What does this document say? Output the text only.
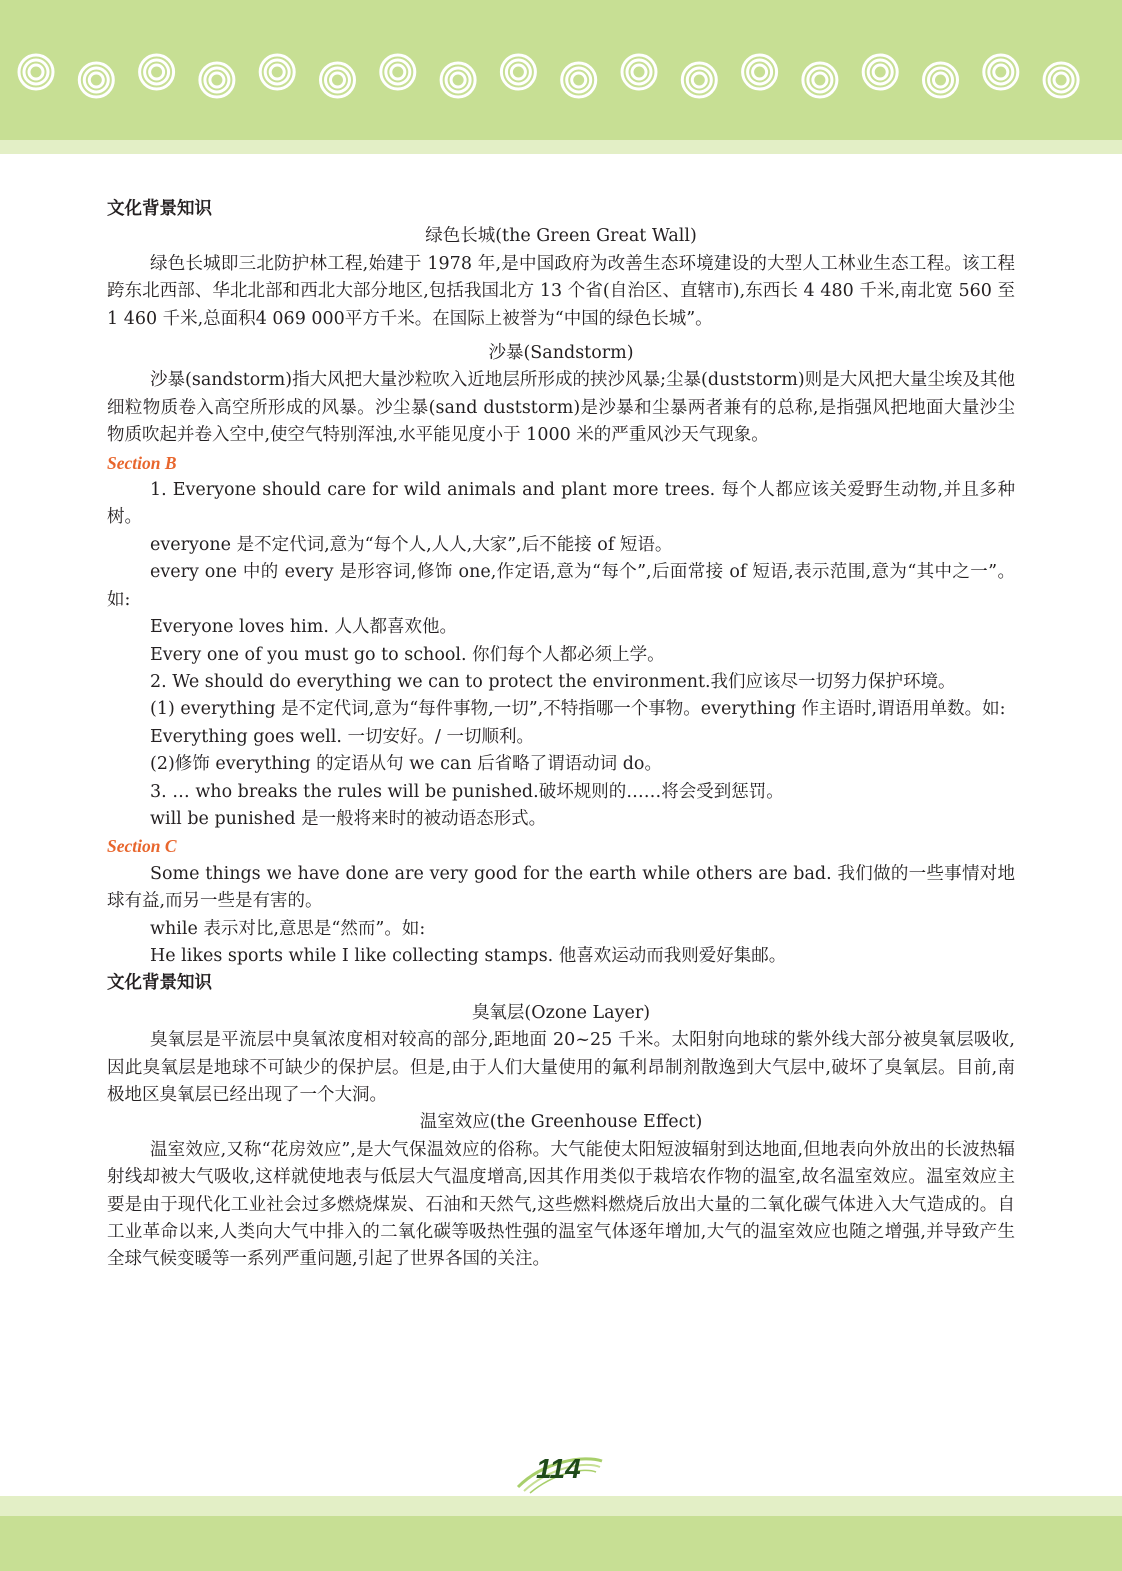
文化背景知识

绿色长城(the Green Great Wall)

绿色长城即三北防护林工程,始建于 1978 年,是中国政府为改善生态环境建设的大型人工林业生态工程。该工程跨东北西部、华北北部和西北大部分地区,包括我国北方 13 个省(自治区、直辖市),东西长 4 480 千米,南北宽 560 至 1 460 千米,总面积4 069 000平方千米。在国际上被誉为“中国的绿色长城”。

沙暴(Sandstorm)

沙暴(sandstorm)指大风把大量沙粒吹入近地层所形成的挟沙风暴;尘暴(duststorm)则是大风把大量尘埃及其他细粒物质卷入高空所形成的风暴。沙尘暴(sand duststorm)是沙暴和尘暴两者兼有的总称,是指强风把地面大量沙尘物质吹起并卷入空中,使空气特别浑浊,水平能见度小于 1000 米的严重风沙天气现象。

Section B

1. Everyone should care for wild animals and plant more trees. 每个人都应该关爱野生动物,并且多种树。

everyone 是不定代词,意为“每个人,人人,大家”,后不能接 of 短语。

every one 中的 every 是形容词,修饰 one,作定语,意为“每个”,后面常接 of 短语,表示范围,意为“其中之一”。如:

Everyone loves him. 人人都喜欢他。

Every one of you must go to school. 你们每个人都必须上学。

2. We should do everything we can to protect the environment.我们应该尽一切努力保护环境。

(1) everything 是不定代词,意为“每件事物,一切”,不特指哪一个事物。everything 作主语时,谓语用单数。如:

Everything goes well. 一切安好。/ 一切顺利。

(2)修饰 everything 的定语从句 we can 后省略了谓语动词 do。

3. … who breaks the rules will be punished.破坏规则的……将会受到惩罚。

will be punished 是一般将来时的被动语态形式。

Section C

Some things we have done are very good for the earth while others are bad. 我们做的一些事情对地球有益,而另一些是有害的。

while 表示对比,意思是“然而”。如:

He likes sports while I like collecting stamps. 他喜欢运动而我则爱好集邮。

文化背景知识

臭氧层(Ozone Layer)

臭氧层是平流层中臭氧浓度相对较高的部分,距地面 20~25 千米。太阳射向地球的紫外线大部分被臭氧层吸收,因此臭氧层是地球不可缺少的保护层。但是,由于人们大量使用的氟利昂制剂散逸到大气层中,破坏了臭氧层。目前,南极地区臭氧层已经出现了一个大洞。

温室效应(the Greenhouse Effect)

温室效应,又称“花房效应”,是大气保温效应的俗称。大气能使太阳短波辐射到达地面,但地表向外放出的长波热辐射线却被大气吸收,这样就使地表与低层大气温度增高,因其作用类似于栽培农作物的温室,故名温室效应。温室效应主要是由于现代化工业社会过多燃烧煤炭、石油和天然气,这些燃料燃烧后放出大量的二氧化碳气体进入大气造成的。自工业革命以来,人类向大气中排入的二氧化碳等吸热性强的温室气体逐年增加,大气的温室效应也随之增强,并导致产生全球气候变暖等一系列严重问题,引起了世界各国的关注。

114
